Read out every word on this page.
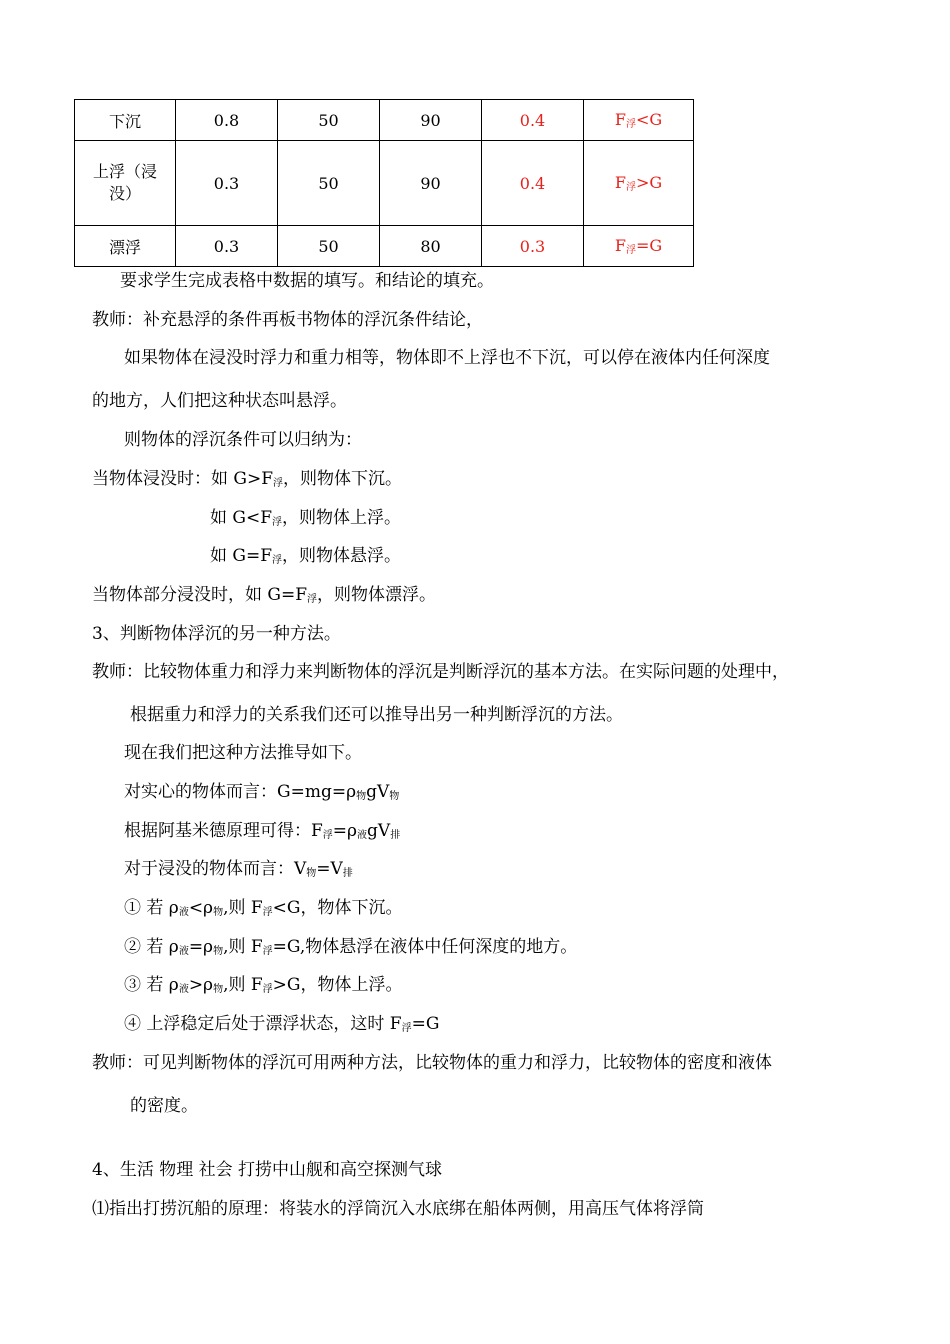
下沉	0.8	50	90	0.4	$F_浮<G$
上浮（浸
没）	0.3	50	90	0.4	$F_浮>G$
漂浮	0.3	50	80	0.3	$F_浮=G$
要求学生完成表格中数据的填写。和结论的填充。
教师：补充悬浮的条件再板书物体的浮沉条件结论，
如果物体在浸没时浮力和重力相等，物体即不上浮也不下沉，可以停在液体内任何深度
的地方，人们把这种状态叫悬浮。
则物体的浮沉条件可以归纳为：
当物体浸没时：如 $G>F_浮$，则物体下沉。
如 $G<F_浮$，则物体上浮。
如 $G=F_浮$，则物体悬浮。
当物体部分浸没时，如 $G=F_浮$，则物体漂浮。
3、判断物体浮沉的另一种方法。
教师：比较物体重力和浮力来判断物体的浮沉是判断浮沉的基本方法。在实际问题的处理中，
根据重力和浮力的关系我们还可以推导出另一种判断浮沉的方法。
现在我们把这种方法推导如下。
对实心的物体而言：$G=mg=\rho_物gV_物$
根据阿基米德原理可得：$F_浮=\rho_液gV_排$
对于浸没的物体而言：$V_物=V_排$
① 若 $\rho_液<\rho_物$,则 $F_浮<G$，物体下沉。
② 若 $\rho_液=\rho_物$,则 $F_浮=G$,物体悬浮在液体中任何深度的地方。
③ 若 $\rho_液>\rho_物$,则 $F_浮>G$，物体上浮。
④ 上浮稳定后处于漂浮状态，这时 $F_浮=G$
教师：可见判断物体的浮沉可用两种方法，比较物体的重力和浮力，比较物体的密度和液体
的密度。
4、生活 物理 社会 打捞中山舰和高空探测气球
⑴指出打捞沉船的原理：将装水的浮筒沉入水底绑在船体两侧，用高压气体将浮筒
